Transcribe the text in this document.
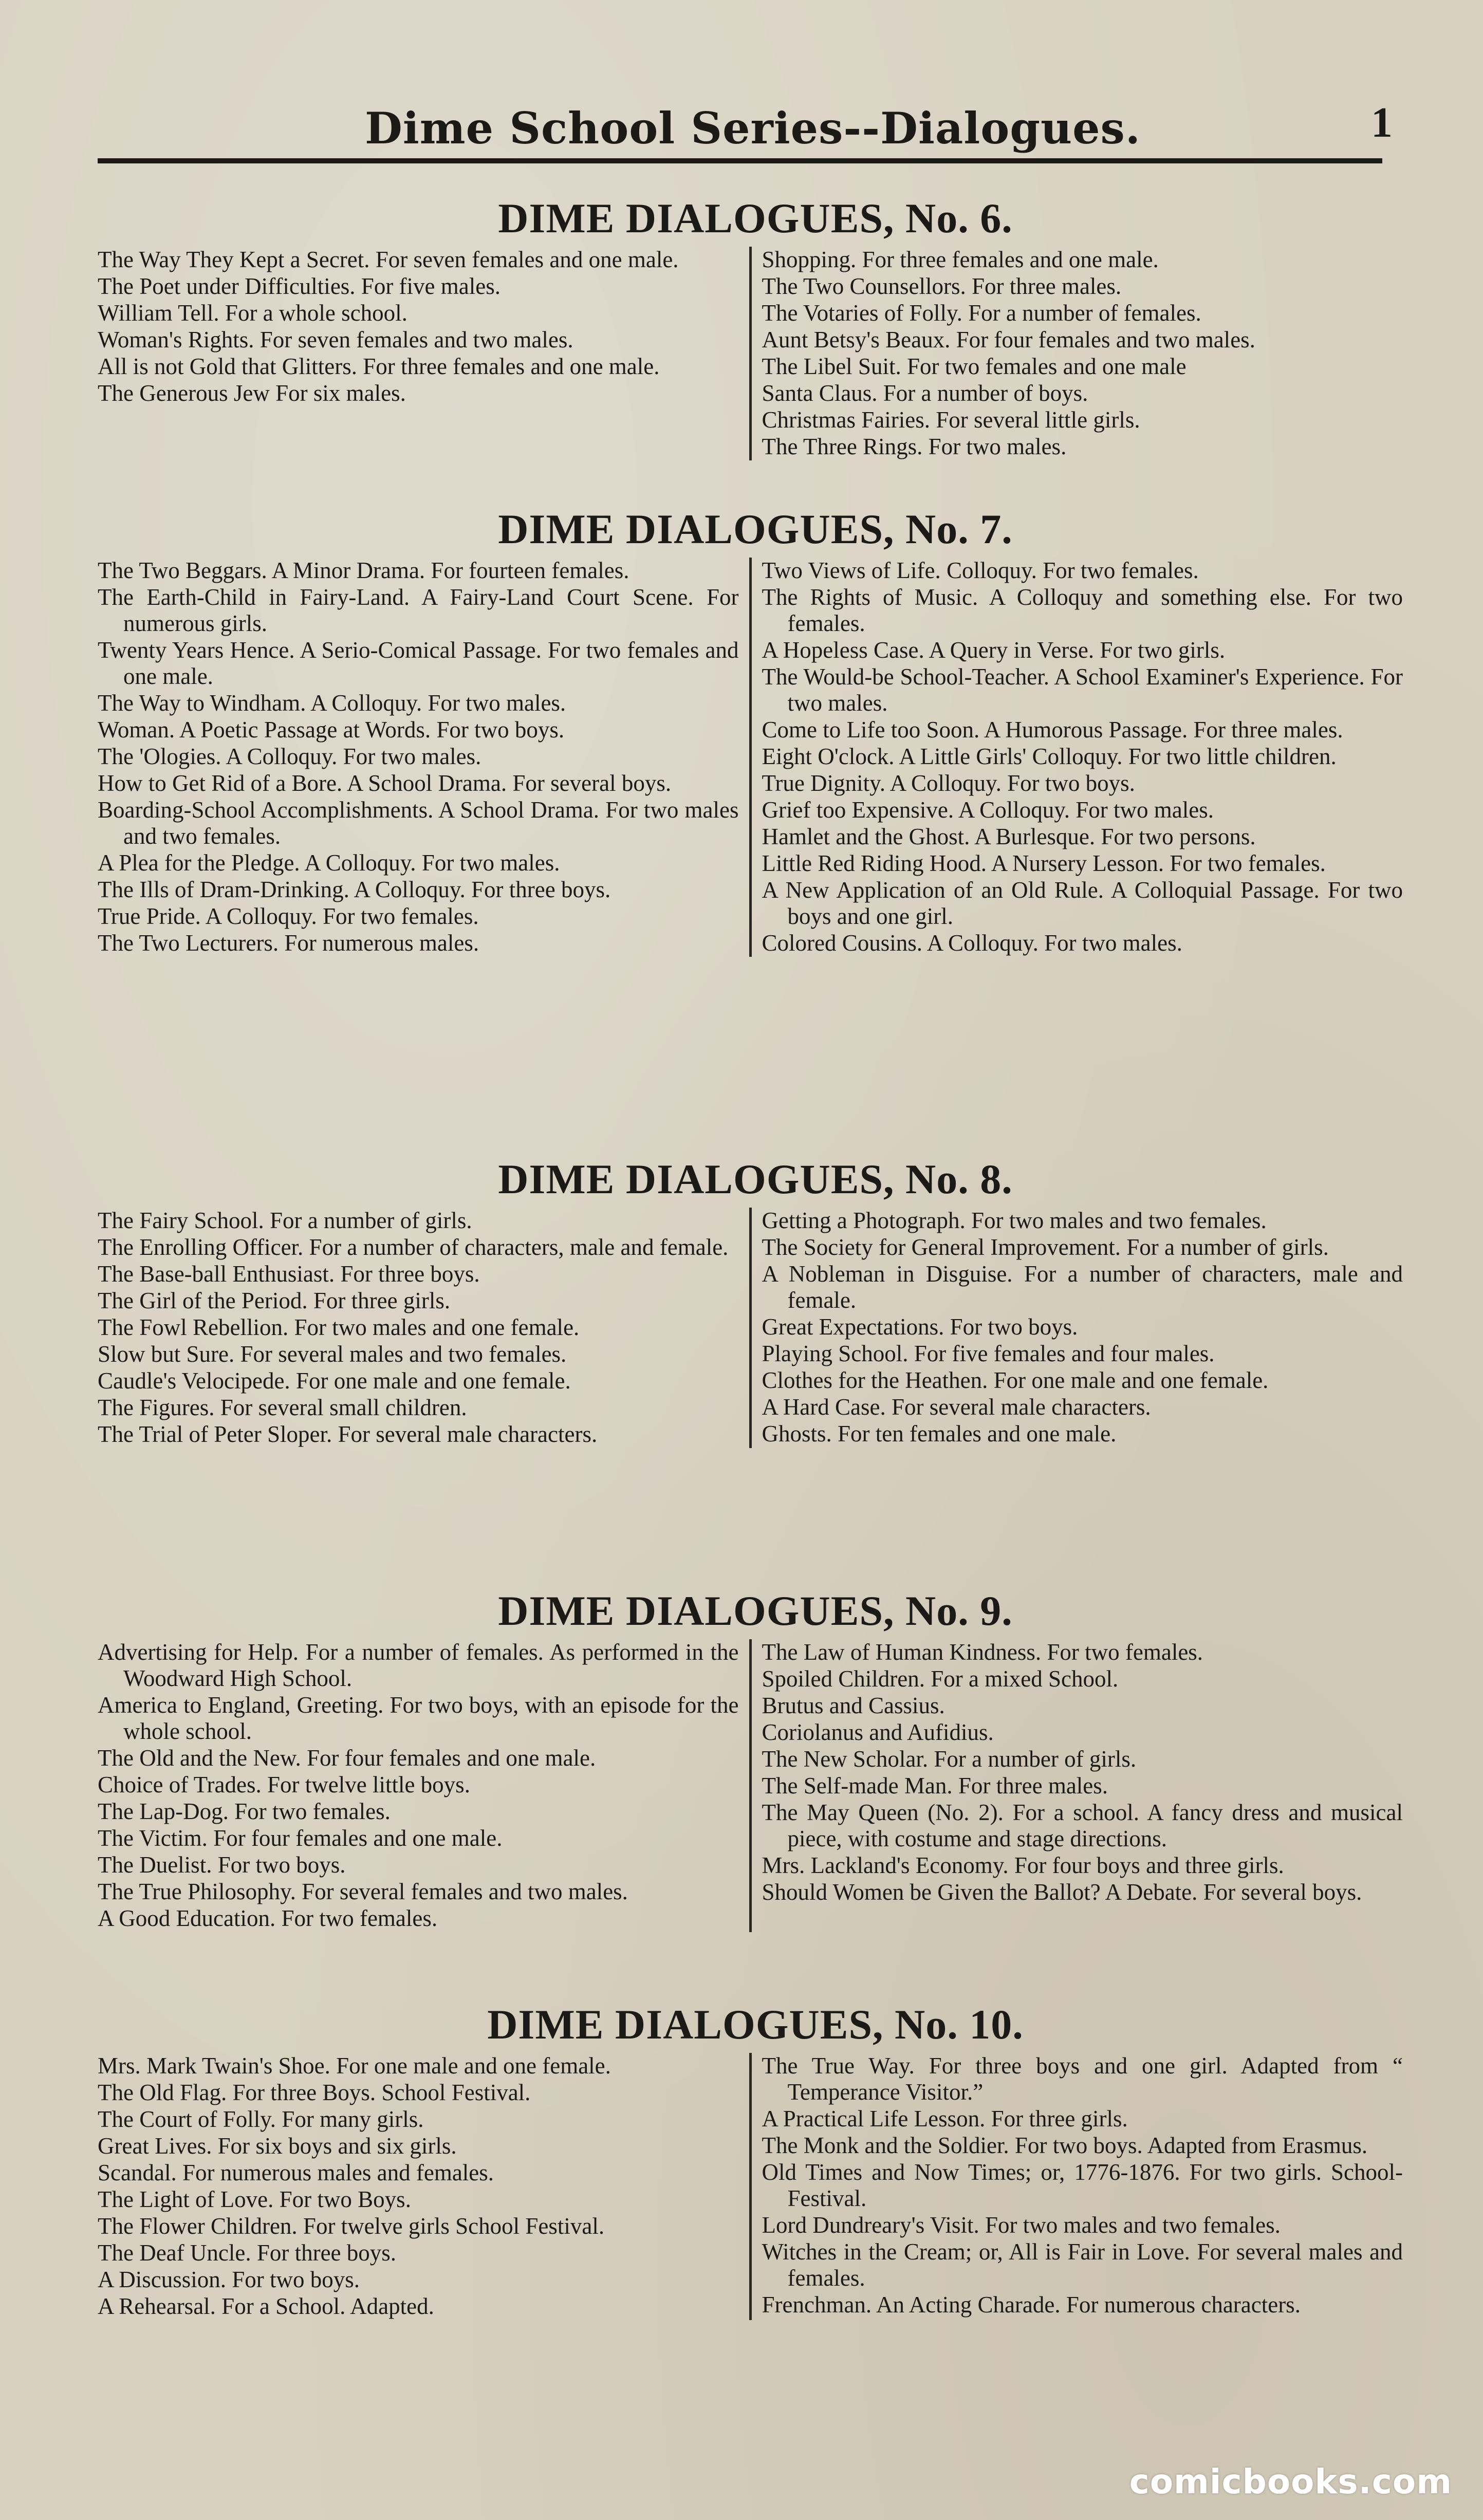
Dime School Series--Dialogues.	1
DIME DIALOGUES, No. 6.

The Way They Kept a Secret. For seven females and one male.

The Poet under Difficulties. For five males.

William Tell. For a whole school.

Woman's Rights. For seven females and two males.

All is not Gold that Glitters. For three females and one male.

The Generous Jew For six males.

Shopping. For three females and one male.

The Two Counsellors. For three males.

The Votaries of Folly. For a number of females.

Aunt Betsy's Beaux. For four females and two males.

The Libel Suit. For two females and one male

Santa Claus. For a number of boys.

Christmas Fairies. For several little girls.

The Three Rings. For two males.

DIME DIALOGUES, No. 7.

The Two Beggars. A Minor Drama. For fourteen females.

The Earth-Child in Fairy-Land. A Fairy-Land Court Scene. For numerous girls.

Twenty Years Hence. A Serio-Comical Passage. For two females and one male.

The Way to Windham. A Colloquy. For two males.

Woman. A Poetic Passage at Words. For two boys.

The 'Ologies. A Colloquy. For two males.

How to Get Rid of a Bore. A School Drama. For several boys.

Boarding-School Accomplishments. A School Drama. For two males and two females.

A Plea for the Pledge. A Colloquy. For two males.

The Ills of Dram-Drinking. A Colloquy. For three boys.

True Pride. A Colloquy. For two females.

The Two Lecturers. For numerous males.

Two Views of Life. Colloquy. For two females.

The Rights of Music. A Colloquy and something else. For two females.

A Hopeless Case. A Query in Verse. For two girls.

The Would-be School-Teacher. A School Examiner's Experience. For two males.

Come to Life too Soon. A Humorous Passage. For three males.

Eight O'clock. A Little Girls' Colloquy. For two little children.

True Dignity. A Colloquy. For two boys.

Grief too Expensive. A Colloquy. For two males.

Hamlet and the Ghost. A Burlesque. For two persons.

Little Red Riding Hood. A Nursery Lesson. For two females.

A New Application of an Old Rule. A Colloquial Passage. For two boys and one girl.

Colored Cousins. A Colloquy. For two males.

DIME DIALOGUES, No. 8.

The Fairy School. For a number of girls.

The Enrolling Officer. For a number of characters, male and female.

The Base-ball Enthusiast. For three boys.

The Girl of the Period. For three girls.

The Fowl Rebellion. For two males and one female.

Slow but Sure. For several males and two females.

Caudle's Velocipede. For one male and one female.

The Figures. For several small children.

The Trial of Peter Sloper. For several male characters.

Getting a Photograph. For two males and two females.

The Society for General Improvement. For a number of girls.

A Nobleman in Disguise. For a number of characters, male and female.

Great Expectations. For two boys.

Playing School. For five females and four males.

Clothes for the Heathen. For one male and one female.

A Hard Case. For several male characters.

Ghosts. For ten females and one male.

DIME DIALOGUES, No. 9.

Advertising for Help. For a number of females. As performed in the Woodward High School.

America to England, Greeting. For two boys, with an episode for the whole school.

The Old and the New. For four females and one male.

Choice of Trades. For twelve little boys.

The Lap-Dog. For two females.

The Victim. For four females and one male.

The Duelist. For two boys.

The True Philosophy. For several females and two males.

A Good Education. For two females.

The Law of Human Kindness. For two females.

Spoiled Children. For a mixed School.

Brutus and Cassius.

Coriolanus and Aufidius.

The New Scholar. For a number of girls.

The Self-made Man. For three males.

The May Queen (No. 2). For a school. A fancy dress and musical piece, with costume and stage directions.

Mrs. Lackland's Economy. For four boys and three girls.

Should Women be Given the Ballot? A Debate. For several boys.

DIME DIALOGUES, No. 10.

Mrs. Mark Twain's Shoe. For one male and one female.

The Old Flag. For three Boys. School Festival.

The Court of Folly. For many girls.

Great Lives. For six boys and six girls.

Scandal. For numerous males and females.

The Light of Love. For two Boys.

The Flower Children. For twelve girls School Festival.

The Deaf Uncle. For three boys.

A Discussion. For two boys.

A Rehearsal. For a School. Adapted.

The True Way. For three boys and one girl. Adapted from “ Temperance Visitor.”

A Practical Life Lesson. For three girls.

The Monk and the Soldier. For two boys. Adapted from Erasmus.

Old Times and Now Times; or, 1776-1876. For two girls. School-Festival.

Lord Dundreary's Visit. For two males and two females.

Witches in the Cream; or, All is Fair in Love. For several males and females.

Frenchman. An Acting Charade. For numerous characters.

comicbooks.com
